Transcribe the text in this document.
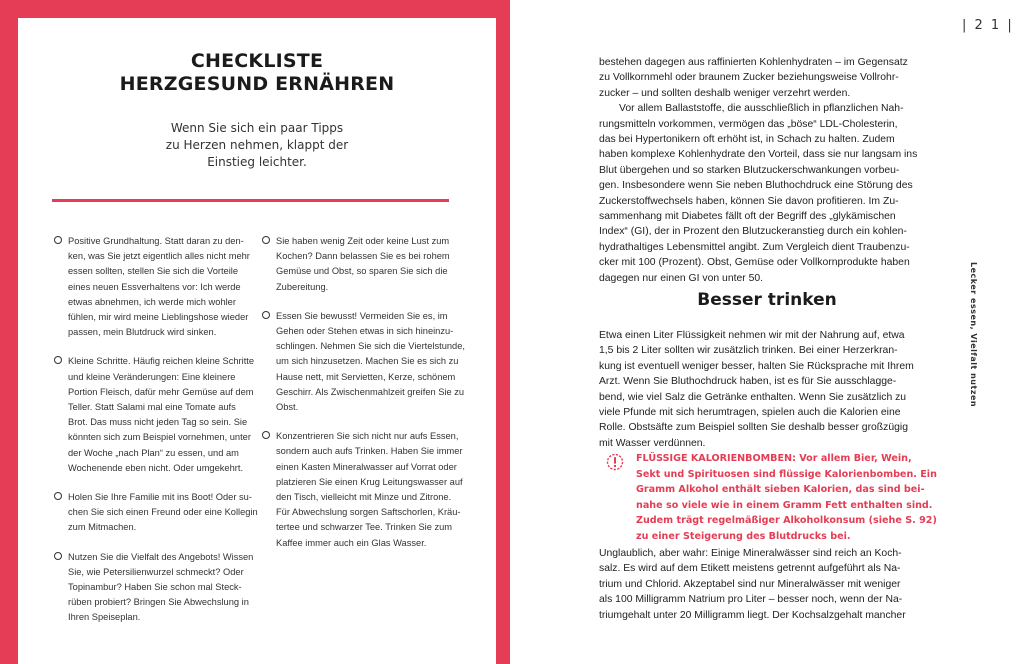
CHECKLISTE
HERZGESUND ERNÄHREN

Wenn Sie sich ein paar Tipps
zu Herzen nehmen, klappt der
Einstieg leichter.

Positive Grundhaltung. Statt daran zu den-
ken, was Sie jetzt eigentlich alles nicht mehr
essen sollten, stellen Sie sich die Vorteile
eines neuen Essverhaltens vor: Ich werde
etwas abnehmen, ich werde mich wohler
fühlen, mir wird meine Lieblingshose wieder
passen, mein Blutdruck wird sinken.
Kleine Schritte. Häufig reichen kleine Schritte
und kleine Veränderungen: Eine kleinere
Portion Fleisch, dafür mehr Gemüse auf dem
Teller. Statt Salami mal eine Tomate aufs
Brot. Das muss nicht jeden Tag so sein. Sie
könnten sich zum Beispiel vornehmen, unter
der Woche „nach Plan“ zu essen, und am
Wochenende eben nicht. Oder umgekehrt.
Holen Sie Ihre Familie mit ins Boot! Oder su-
chen Sie sich einen Freund oder eine Kollegin
zum Mitmachen.
Nutzen Sie die Vielfalt des Angebots! Wissen
Sie, wie Petersilienwurzel schmeckt? Oder
Topinambur? Haben Sie schon mal Steck-
rüben probiert? Bringen Sie Abwechslung in
Ihren Speiseplan.
Sie haben wenig Zeit oder keine Lust zum
Kochen? Dann belassen Sie es bei rohem
Gemüse und Obst, so sparen Sie sich die
Zubereitung.
Essen Sie bewusst! Vermeiden Sie es, im
Gehen oder Stehen etwas in sich hineinzu-
schlingen. Nehmen Sie sich die Viertelstunde,
um sich hinzusetzen. Machen Sie es sich zu
Hause nett, mit Servietten, Kerze, schönem
Geschirr. Als Zwischenmahlzeit greifen Sie zu
Obst.
Konzentrieren Sie sich nicht nur aufs Essen,
sondern auch aufs Trinken. Haben Sie immer
einen Kasten Mineralwasser auf Vorrat oder
platzieren Sie einen Krug Leitungswasser auf
den Tisch, vielleicht mit Minze und Zitrone.
Für Abwechslung sorgen Saftschorlen, Kräu-
tertee und schwarzer Tee. Trinken Sie zum
Kaffee immer auch ein Glas Wasser.
| 2 1 |
bestehen dagegen aus raffinierten Kohlenhydraten – im Gegensatz
zu Vollkornmehl oder braunem Zucker beziehungsweise Vollrohr-
zucker – und sollten deshalb weniger verzehrt werden.
Vor allem Ballaststoffe, die ausschließlich in pflanzlichen Nah-
rungsmitteln vorkommen, vermögen das „böse“ LDL-Cholesterin,
das bei Hypertonikern oft erhöht ist, in Schach zu halten. Zudem
haben komplexe Kohlenhydrate den Vorteil, dass sie nur langsam ins
Blut übergehen und so starken Blutzuckerschwankungen vorbeu-
gen. Insbesondere wenn Sie neben Bluthochdruck eine Störung des
Zuckerstoffwechsels haben, können Sie davon profitieren. Im Zu-
sammenhang mit Diabetes fällt oft der Begriff des „glykämischen
Index“ (GI), der in Prozent den Blutzuckeranstieg durch ein kohlen-
hydrathaltiges Lebensmittel angibt. Zum Vergleich dient Traubenzu-
cker mit 100 (Prozent). Obst, Gemüse oder Vollkornprodukte haben
dagegen nur einen GI von unter 50.
Besser trinken
Etwa einen Liter Flüssigkeit nehmen wir mit der Nahrung auf, etwa
1,5 bis 2 Liter sollten wir zusätzlich trinken. Bei einer Herzerkran-
kung ist eventuell weniger besser, halten Sie Rücksprache mit Ihrem
Arzt. Wenn Sie Bluthochdruck haben, ist es für Sie ausschlagge-
bend, wie viel Salz die Getränke enthalten. Wenn Sie zusätzlich zu
viele Pfunde mit sich herumtragen, spielen auch die Kalorien eine
Rolle. Obstsäfte zum Beispiel sollten Sie deshalb besser großzügig
mit Wasser verdünnen.
FLÜSSIGE KALORIENBOMBEN: Vor allem Bier, Wein,
Sekt und Spirituosen sind flüssige Kalorienbomben. Ein
Gramm Alkohol enthält sieben Kalorien, das sind bei-
nahe so viele wie in einem Gramm Fett enthalten sind.
Zudem trägt regelmäßiger Alkoholkonsum (siehe S. 92)
zu einer Steigerung des Blutdrucks bei.
Unglaublich, aber wahr: Einige Mineralwässer sind reich an Koch-
salz. Es wird auf dem Etikett meistens getrennt aufgeführt als Na-
trium und Chlorid. Akzeptabel sind nur Mineralwässer mit weniger
als 100 Milligramm Natrium pro Liter – besser noch, wenn der Na-
triumgehalt unter 20 Milligramm liegt. Der Kochsalzgehalt mancher
Lecker essen, Vielfalt nutzen
